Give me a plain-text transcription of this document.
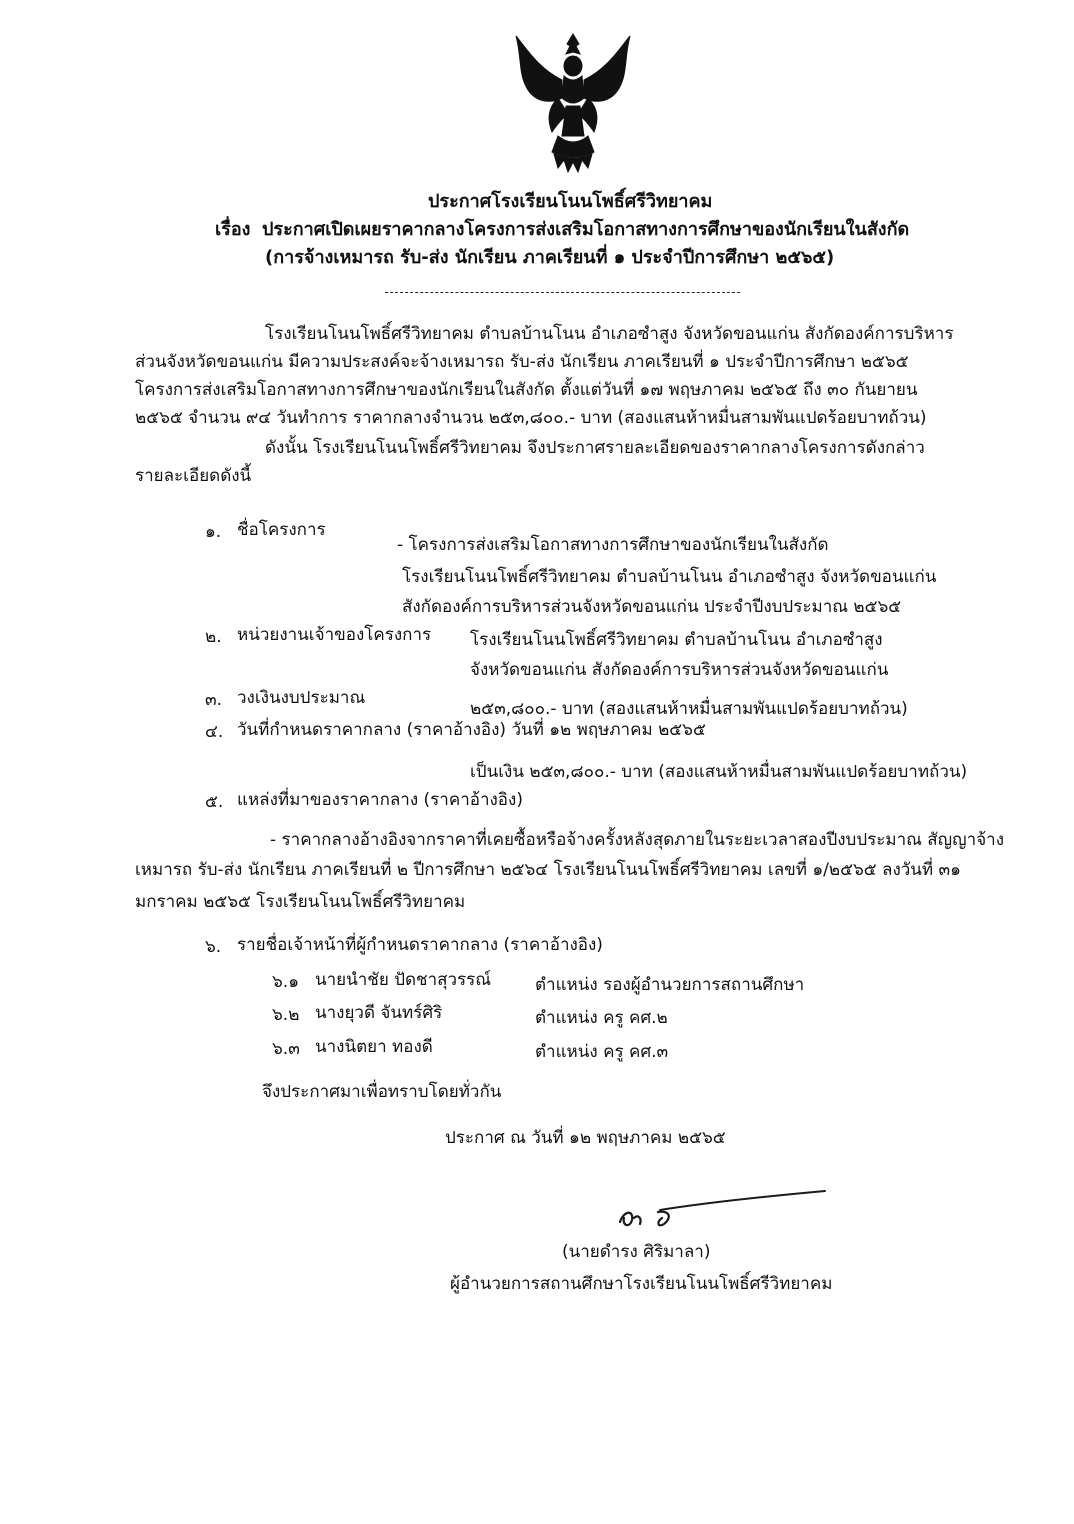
ประกาศโรงเรียนโนนโพธิ์ศรีวิทยาคม
เรื่อง ประกาศเปิดเผยราคากลางโครงการส่งเสริมโอกาสทางการศึกษาของนักเรียนในสังกัด
(การจ้างเหมารถ รับ-ส่ง นักเรียน ภาคเรียนที่ ๑ ประจำปีการศึกษา ๒๕๖๕)
โรงเรียนโนนโพธิ์ศรีวิทยาคม ตำบลบ้านโนน อำเภอซำสูง จังหวัดขอนแก่น สังกัดองค์การบริหาร
ส่วนจังหวัดขอนแก่น มีความประสงค์จะจ้างเหมารถ รับ-ส่ง นักเรียน ภาคเรียนที่ ๑ ประจำปีการศึกษา ๒๕๖๕
โครงการส่งเสริมโอกาสทางการศึกษาของนักเรียนในสังกัด ตั้งแต่วันที่ ๑๗ พฤษภาคม ๒๕๖๕ ถึง ๓๐ กันยายน
๒๕๖๕ จำนวน ๙๔ วันทำการ ราคากลางจำนวน ๒๕๓,๘๐๐.- บาท (สองแสนห้าหมื่นสามพันแปดร้อยบาทถ้วน)
ดังนั้น โรงเรียนโนนโพธิ์ศรีวิทยาคม จึงประกาศรายละเอียดของราคากลางโครงการดังกล่าว
รายละเอียดดังนี้
๑. ชื่อโครงการ
- โครงการส่งเสริมโอกาสทางการศึกษาของนักเรียนในสังกัด
โรงเรียนโนนโพธิ์ศรีวิทยาคม ตำบลบ้านโนน อำเภอซำสูง จังหวัดขอนแก่น
สังกัดองค์การบริหารส่วนจังหวัดขอนแก่น ประจำปีงบประมาณ ๒๕๖๕
๒. หน่วยงานเจ้าของโครงการ โรงเรียนโนนโพธิ์ศรีวิทยาคม ตำบลบ้านโนน อำเภอซำสูง
จังหวัดขอนแก่น สังกัดองค์การบริหารส่วนจังหวัดขอนแก่น
๓. วงเงินงบประมาณ
๒๕๓,๘๐๐.- บาท (สองแสนห้าหมื่นสามพันแปดร้อยบาทถ้วน)
๔. วันที่กำหนดราคากลาง (ราคาอ้างอิง) วันที่ ๑๒ พฤษภาคม ๒๕๖๕
เป็นเงิน ๒๕๓,๘๐๐.- บาท (สองแสนห้าหมื่นสามพันแปดร้อยบาทถ้วน)
๕. แหล่งที่มาของราคากลาง (ราคาอ้างอิง)
- ราคากลางอ้างอิงจากราคาที่เคยซื้อหรือจ้างครั้งหลังสุดภายในระยะเวลาสองปีงบประมาณ สัญญาจ้าง
เหมารถ รับ-ส่ง นักเรียน ภาคเรียนที่ ๒ ปีการศึกษา ๒๕๖๔ โรงเรียนโนนโพธิ์ศรีวิทยาคม เลขที่ ๑/๒๕๖๕ ลงวันที่ ๓๑
มกราคม ๒๕๖๕ โรงเรียนโนนโพธิ์ศรีวิทยาคม
๖. รายชื่อเจ้าหน้าที่ผู้กำหนดราคากลาง (ราคาอ้างอิง)
๖.๑ นายนำชัย ปัดชาสุวรรณ์	ตำแหน่ง รองผู้อำนวยการสถานศึกษา
๖.๒ นางยุวดี จันทร์ศิริ	ตำแหน่ง ครู คศ.๒
๖.๓ นางนิตยา ทองดี	ตำแหน่ง ครู คศ.๓
จึงประกาศมาเพื่อทราบโดยทั่วกัน
ประกาศ ณ วันที่ ๑๒ พฤษภาคม ๒๕๖๕
(นายดำรง ศิริมาลา)
ผู้อำนวยการสถานศึกษาโรงเรียนโนนโพธิ์ศรีวิทยาคม
